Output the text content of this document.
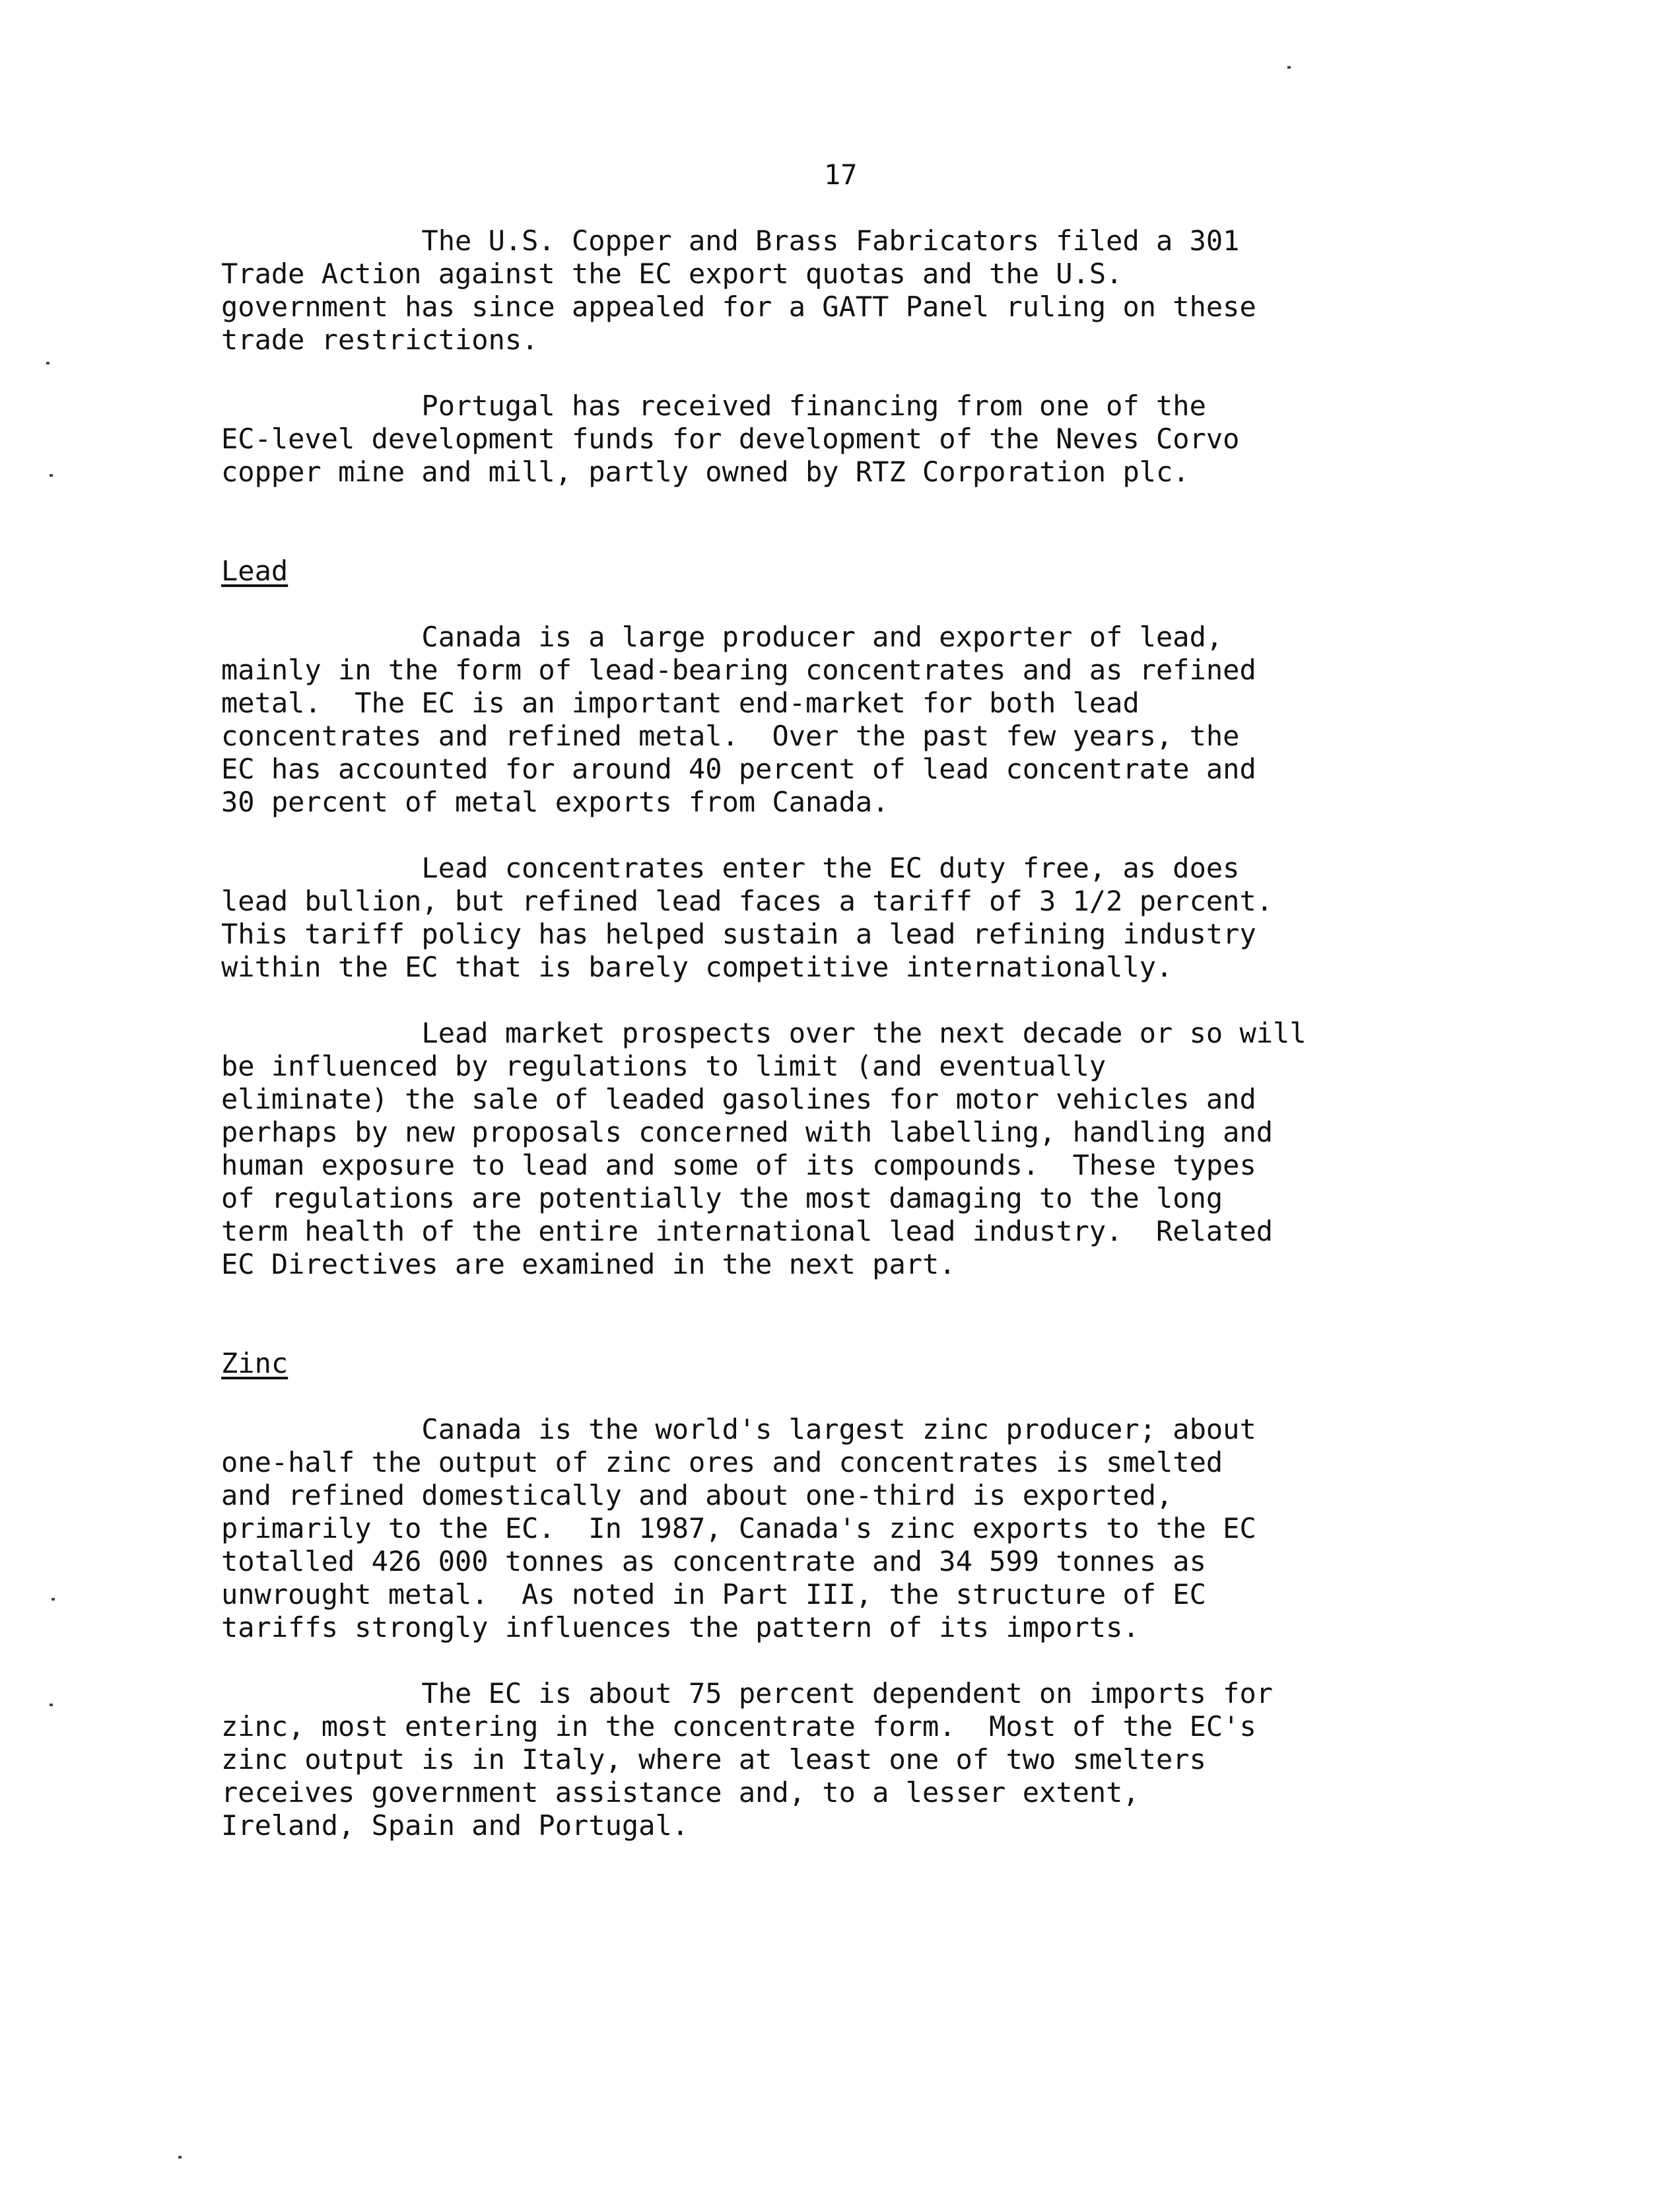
17

The U.S. Copper and Brass Fabricators filed a 301
Trade Action against the EC export quotas and the U.S.
government has since appealed for a GATT Panel ruling on these
trade restrictions.

Portugal has received financing from one of the
EC-level development funds for development of the Neves Corvo
copper mine and mill, partly owned by RTZ Corporation plc.

Lead

Canada is a large producer and exporter of lead,
mainly in the form of lead-bearing concentrates and as refined
metal.  The EC is an important end-market for both lead
concentrates and refined metal.  Over the past few years, the
EC has accounted for around 40 percent of lead concentrate and
30 percent of metal exports from Canada.

Lead concentrates enter the EC duty free, as does
lead bullion, but refined lead faces a tariff of 3 1/2 percent.
This tariff policy has helped sustain a lead refining industry
within the EC that is barely competitive internationally.

Lead market prospects over the next decade or so will
be influenced by regulations to limit (and eventually
eliminate) the sale of leaded gasolines for motor vehicles and
perhaps by new proposals concerned with labelling, handling and
human exposure to lead and some of its compounds.  These types
of regulations are potentially the most damaging to the long
term health of the entire international lead industry.  Related
EC Directives are examined in the next part.

Zinc

Canada is the world's largest zinc producer; about
one-half the output of zinc ores and concentrates is smelted
and refined domestically and about one-third is exported,
primarily to the EC.  In 1987, Canada's zinc exports to the EC
totalled 426 000 tonnes as concentrate and 34 599 tonnes as
unwrought metal.  As noted in Part III, the structure of EC
tariffs strongly influences the pattern of its imports.

The EC is about 75 percent dependent on imports for
zinc, most entering in the concentrate form.  Most of the EC's
zinc output is in Italy, where at least one of two smelters
receives government assistance and, to a lesser extent,
Ireland, Spain and Portugal.
